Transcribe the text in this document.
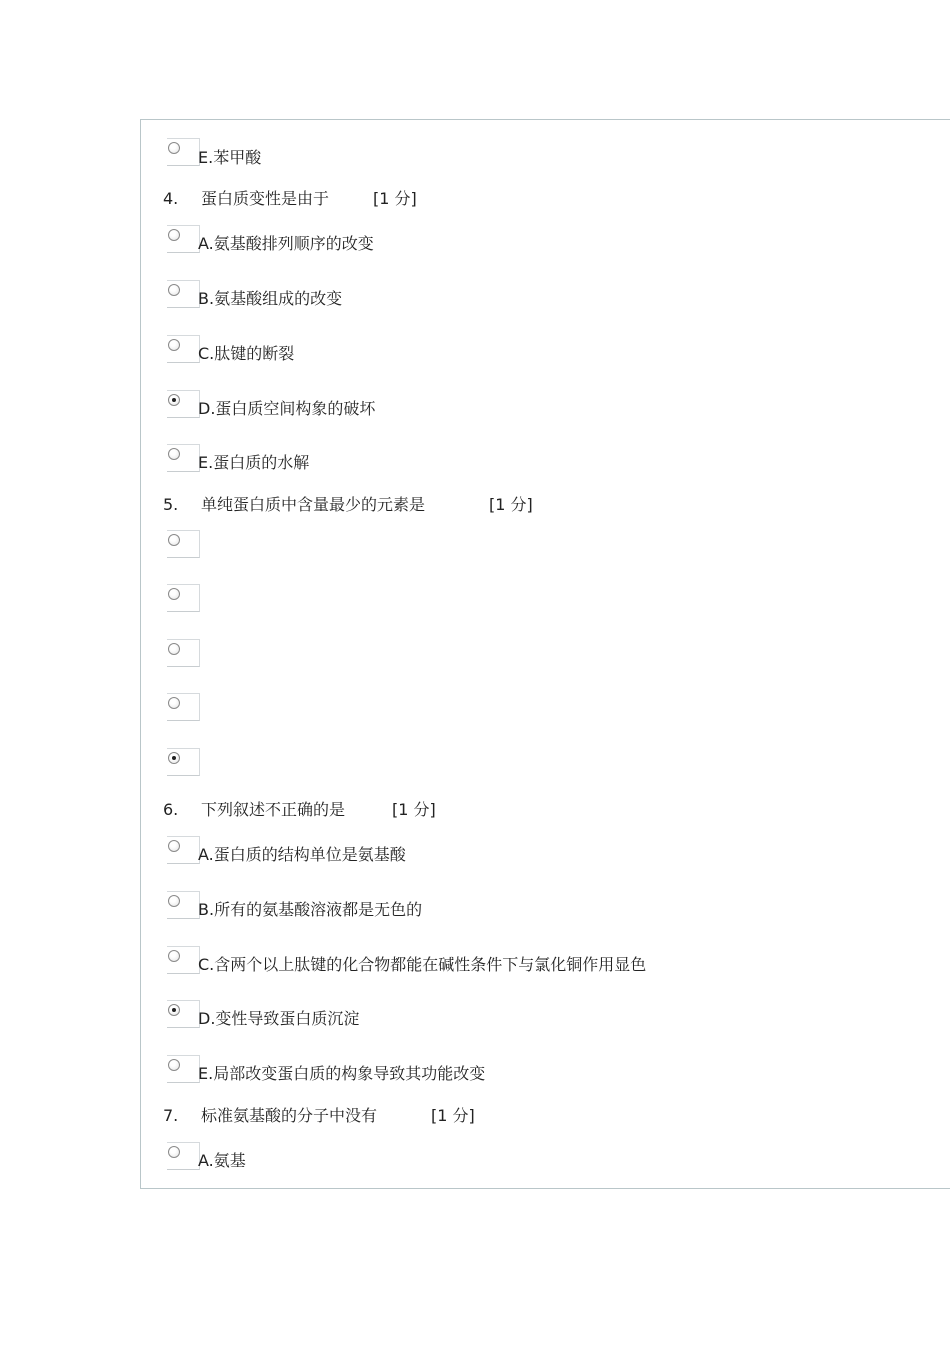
E.苯甲酸
4. 蛋白质变性是由于	[1 分]
A.氨基酸排列顺序的改变
B.氨基酸组成的改变
C.肽键的断裂
D.蛋白质空间构象的破坏
E.蛋白质的水解
5. 单纯蛋白质中含量最少的元素是	[1 分]
6. 下列叙述不正确的是	[1 分]
A.蛋白质的结构单位是氨基酸
B.所有的氨基酸溶液都是无色的
C.含两个以上肽键的化合物都能在碱性条件下与氯化铜作用显色
D.变性导致蛋白质沉淀
E.局部改变蛋白质的构象导致其功能改变
7. 标准氨基酸的分子中没有	[1 分]
A.氨基
